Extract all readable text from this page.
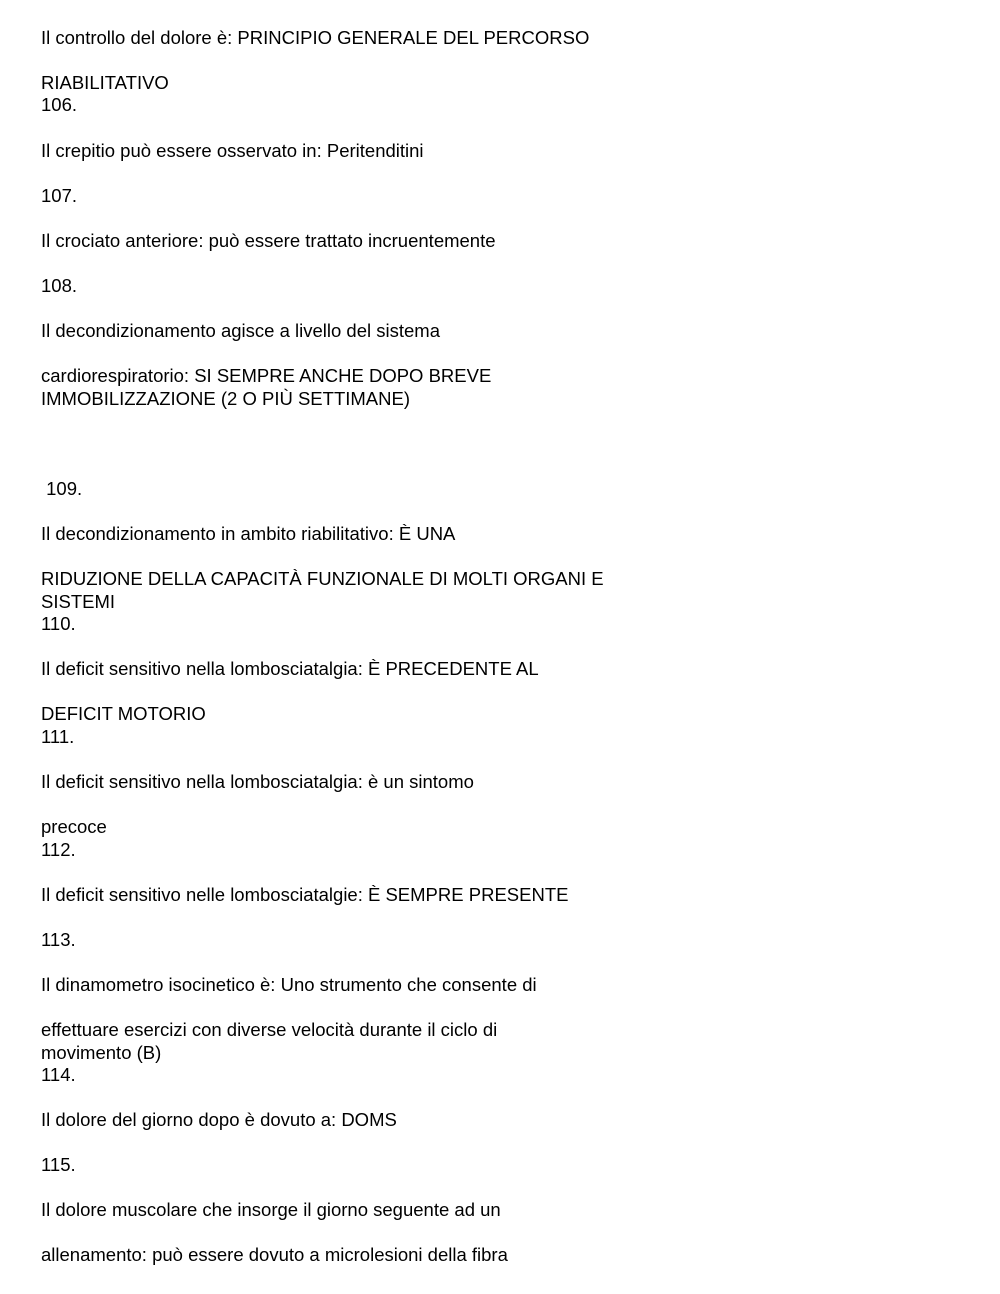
Il controllo del dolore è: PRINCIPIO GENERALE DEL PERCORSO

RIABILITATIVO

106.

Il crepitio può essere osservato in: Peritenditini

107.

Il crociato anteriore: può essere trattato incruentemente

108.

Il decondizionamento agisce a livello del sistema

cardiorespiratorio: SI SEMPRE ANCHE DOPO BREVE

IMMOBILIZZAZIONE (2 O PIÙ SETTIMANE)

109.

Il decondizionamento in ambito riabilitativo: È UNA

RIDUZIONE DELLA CAPACITÀ FUNZIONALE DI MOLTI ORGANI E

SISTEMI

110.

Il deficit sensitivo nella lombosciatalgia: È PRECEDENTE AL

DEFICIT MOTORIO

111.

Il deficit sensitivo nella lombosciatalgia: è un sintomo

precoce

112.

Il deficit sensitivo nelle lombosciatalgie: È SEMPRE PRESENTE

113.

Il dinamometro isocinetico è: Uno strumento che consente di

effettuare esercizi con diverse velocità durante il ciclo di

movimento (B)

114.

Il dolore del giorno dopo è dovuto a: DOMS

115.

Il dolore muscolare che insorge il giorno seguente ad un

allenamento: può essere dovuto a microlesioni della fibra
